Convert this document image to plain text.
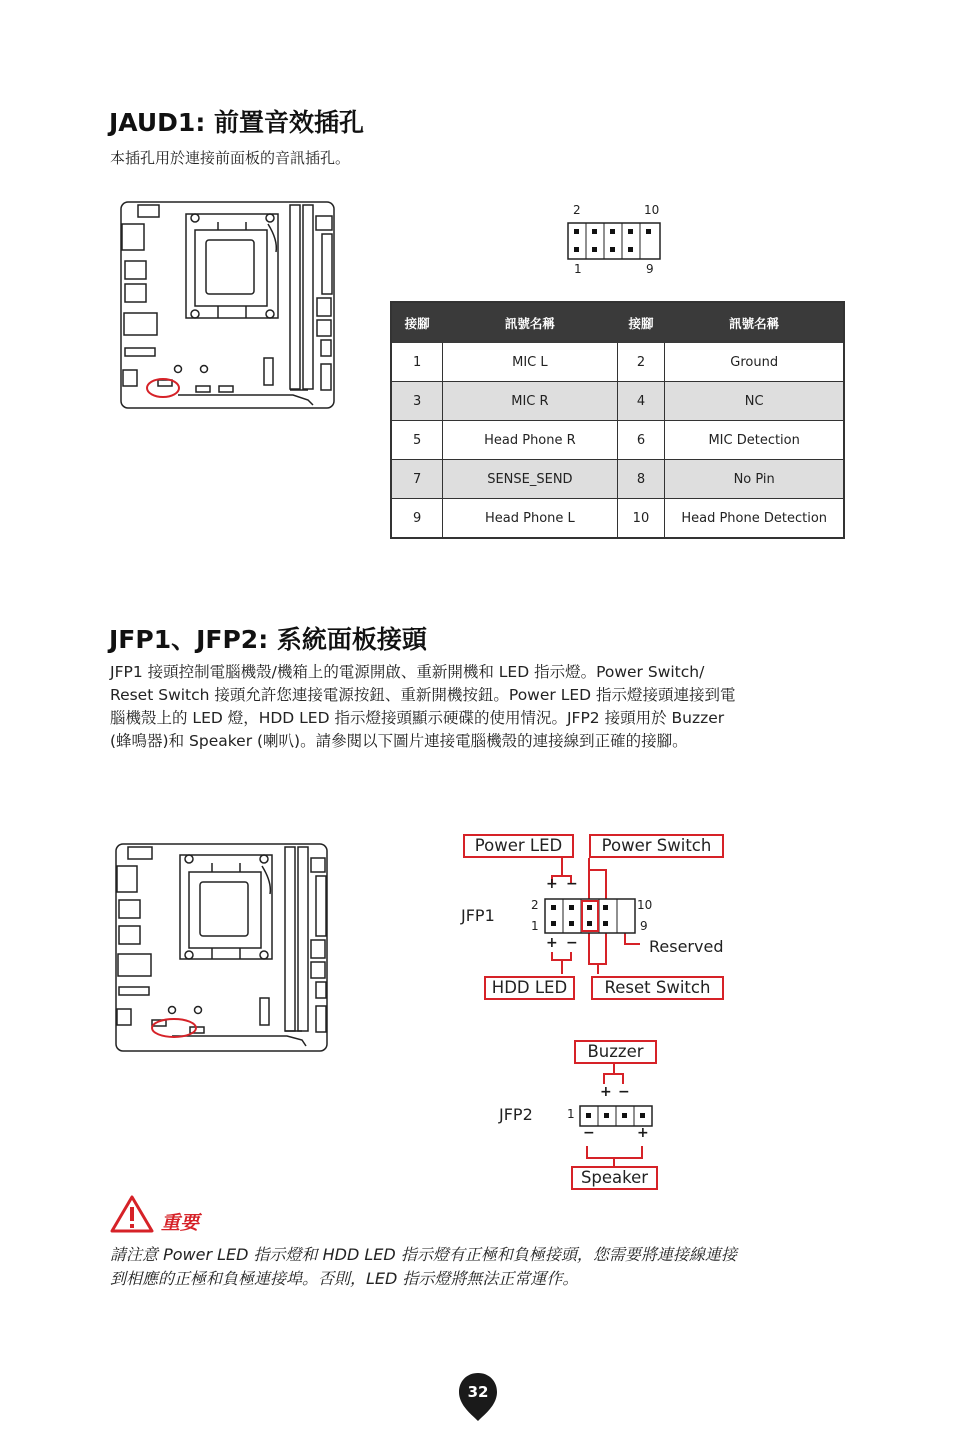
JAUD1: 前置音效插孔
本插孔用於連接前面板的音訊插孔。
2	10
1	9
接腳	訊號名稱	接腳	訊號名稱
1	MIC L	2	Ground
3	MIC R	4	NC
5	Head Phone R	6	MIC Detection
7	SENSE_SEND	8	No Pin
9	Head Phone L	10	Head Phone Detection
JFP1、JFP2: 系統面板接頭
JFP1 接頭控制電腦機殼/機箱上的電源開啟、重新開機和 LED 指示燈。Power Switch/
Reset Switch 接頭允許您連接電源按鈕、重新開機按鈕。Power LED 指示燈接頭連接到電
腦機殼上的 LED 燈，HDD LED 指示燈接頭顯示硬碟的使用情況。JFP2 接頭用於 Buzzer
(蜂鳴器)和 Speaker (喇叭)。請參閱以下圖片連接電腦機殼的連接線到正確的接腳。
Power LED	Power Switch
JFP1
+ −
+ −
2
1
10
9
Reserved
HDD LED	Reset Switch
Buzzer
JFP2
+ −
1
−	+
Speaker
重要
請注意 Power LED 指示燈和 HDD LED 指示燈有正極和負極接頭，您需要將連接線連接
到相應的正極和負極連接埠。否則，LED 指示燈將無法正常運作。
32
